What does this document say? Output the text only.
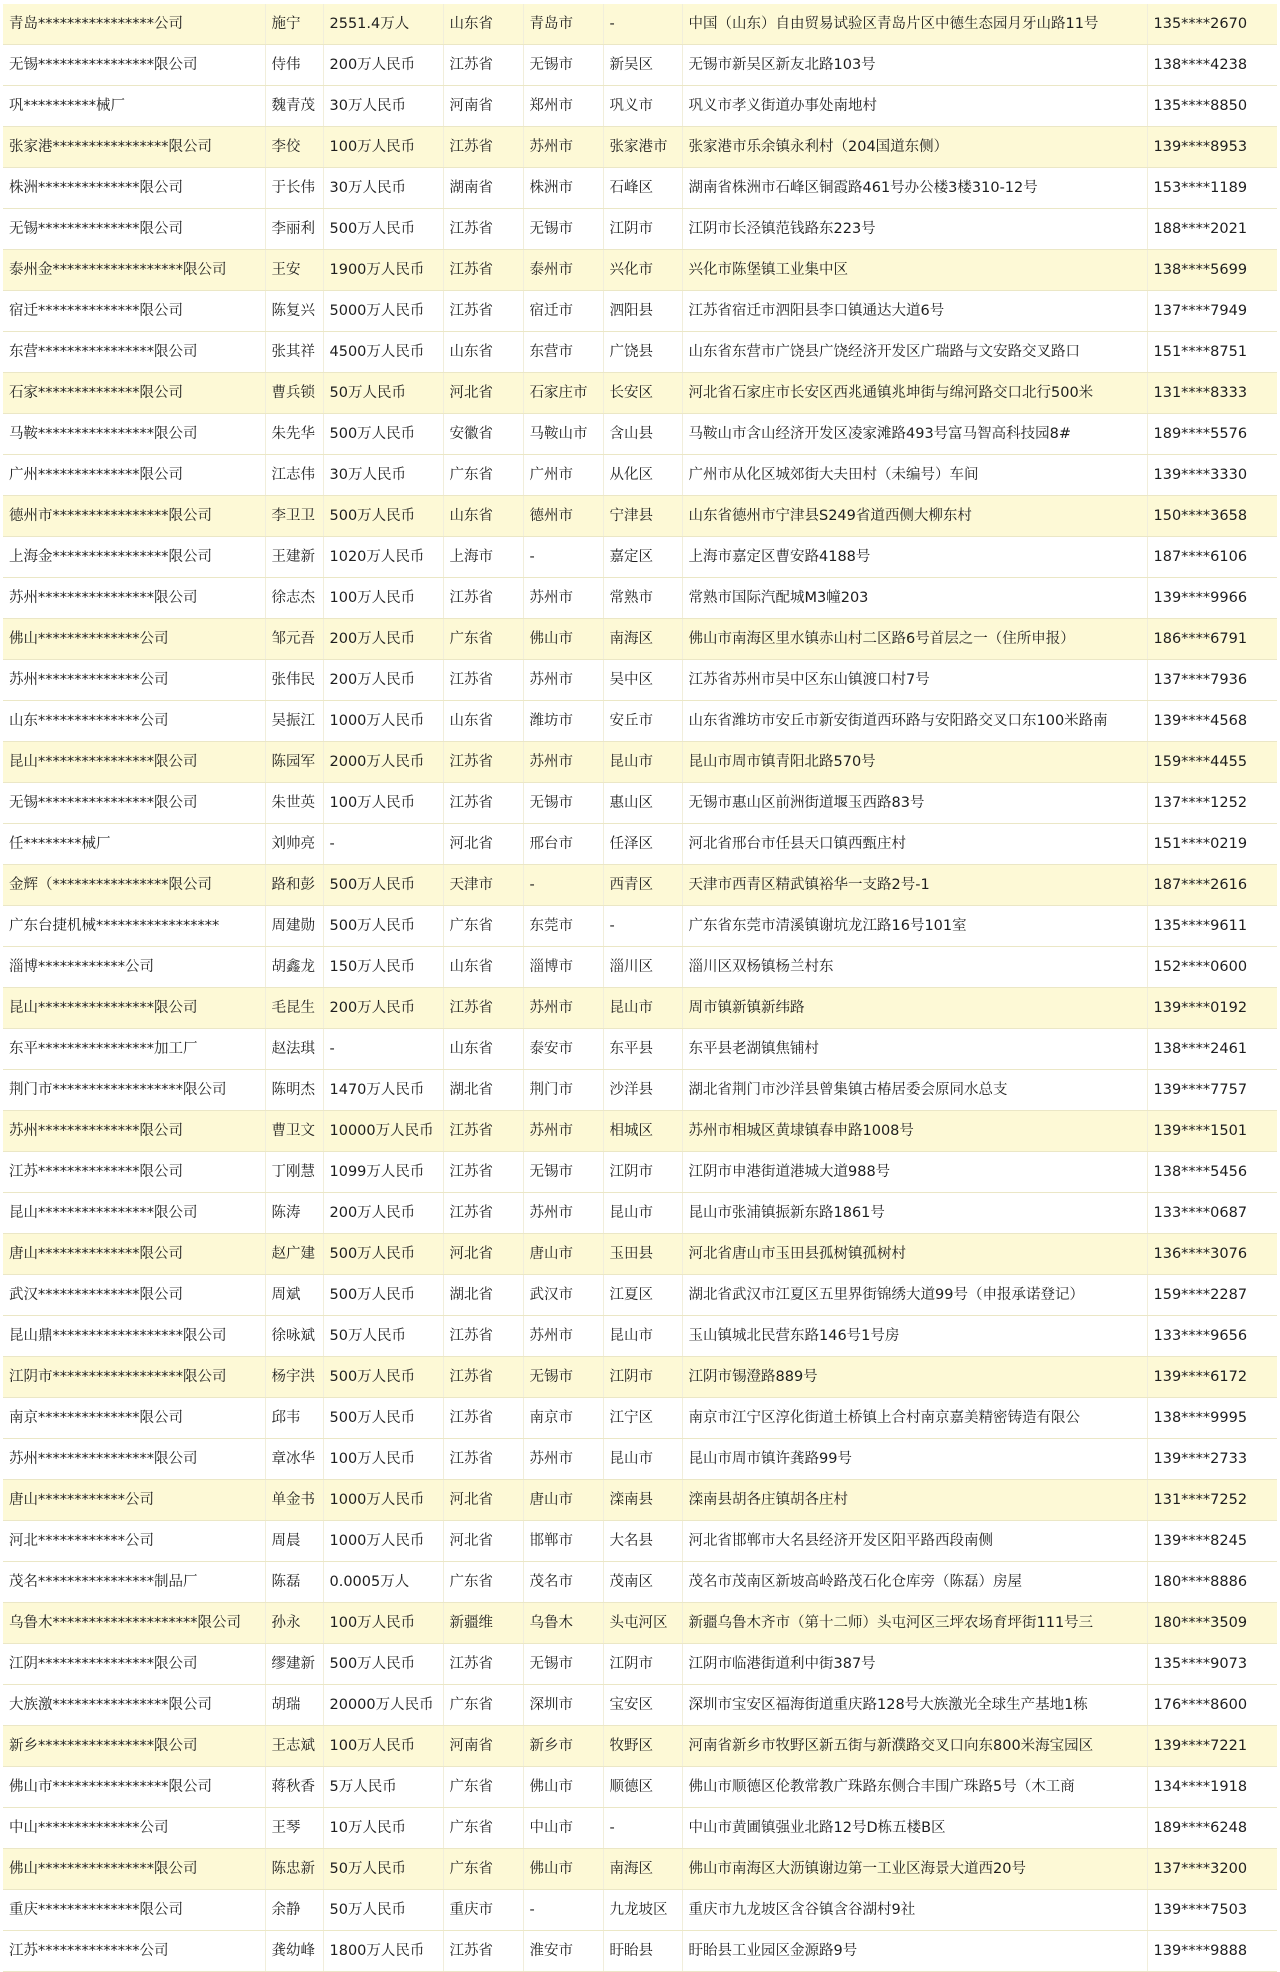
青岛****************公司	施宁	2551.4万人	山东省	青岛市	-	中国（山东）自由贸易试验区青岛片区中德生态园月牙山路11号	135****2670
无锡****************限公司	侍伟	200万人民币	江苏省	无锡市	新吴区	无锡市新吴区新友北路103号	138****4238
巩**********械厂	魏青茂	30万人民币	河南省	郑州市	巩义市	巩义市孝义街道办事处南地村	135****8850
张家港****************限公司	李佼	100万人民币	江苏省	苏州市	张家港市	张家港市乐余镇永利村（204国道东侧）	139****8953
株洲**************限公司	于长伟	30万人民币	湖南省	株洲市	石峰区	湖南省株洲市石峰区铜霞路461号办公楼3楼310-12号	153****1189
无锡**************限公司	李丽利	500万人民币	江苏省	无锡市	江阴市	江阴市长泾镇范钱路东223号	188****2021
泰州金******************限公司	王安	1900万人民币	江苏省	泰州市	兴化市	兴化市陈堡镇工业集中区	138****5699
宿迁**************限公司	陈复兴	5000万人民币	江苏省	宿迁市	泗阳县	江苏省宿迁市泗阳县李口镇通达大道6号	137****7949
东营****************限公司	张其祥	4500万人民币	山东省	东营市	广饶县	山东省东营市广饶县广饶经济开发区广瑞路与文安路交叉路口	151****8751
石家**************限公司	曹兵锁	50万人民币	河北省	石家庄市	长安区	河北省石家庄市长安区西兆通镇兆坤街与绵河路交口北行500米	131****8333
马鞍****************限公司	朱先华	500万人民币	安徽省	马鞍山市	含山县	马鞍山市含山经济开发区凌家滩路493号富马智高科技园8#	189****5576
广州**************限公司	江志伟	30万人民币	广东省	广州市	从化区	广州市从化区城郊街大夫田村（未编号）车间	139****3330
德州市****************限公司	李卫卫	500万人民币	山东省	德州市	宁津县	山东省德州市宁津县S249省道西侧大柳东村	150****3658
上海金****************限公司	王建新	1020万人民币	上海市	-	嘉定区	上海市嘉定区曹安路4188号	187****6106
苏州****************限公司	徐志杰	100万人民币	江苏省	苏州市	常熟市	常熟市国际汽配城M3幢203	139****9966
佛山**************公司	邹元吾	200万人民币	广东省	佛山市	南海区	佛山市南海区里水镇赤山村二区路6号首层之一（住所申报）	186****6791
苏州**************公司	张伟民	200万人民币	江苏省	苏州市	吴中区	江苏省苏州市吴中区东山镇渡口村7号	137****7936
山东**************公司	吴振江	1000万人民币	山东省	潍坊市	安丘市	山东省潍坊市安丘市新安街道西环路与安阳路交叉口东100米路南	139****4568
昆山****************限公司	陈园军	2000万人民币	江苏省	苏州市	昆山市	昆山市周市镇青阳北路570号	159****4455
无锡****************限公司	朱世英	100万人民币	江苏省	无锡市	惠山区	无锡市惠山区前洲街道堰玉西路83号	137****1252
任********械厂	刘帅亮	-	河北省	邢台市	任泽区	河北省邢台市任县天口镇西甄庄村	151****0219
金辉（****************限公司	路和彭	500万人民币	天津市	-	西青区	天津市西青区精武镇裕华一支路2号-1	187****2616
广东台捷机械*****************	周建勋	500万人民币	广东省	东莞市	-	广东省东莞市清溪镇谢坑龙江路16号101室	135****9611
淄博************公司	胡鑫龙	150万人民币	山东省	淄博市	淄川区	淄川区双杨镇杨兰村东	152****0600
昆山****************限公司	毛昆生	200万人民币	江苏省	苏州市	昆山市	周市镇新镇新纬路	139****0192
东平****************加工厂	赵法琪	-	山东省	泰安市	东平县	东平县老湖镇焦铺村	138****2461
荆门市******************限公司	陈明杰	1470万人民币	湖北省	荆门市	沙洋县	湖北省荆门市沙洋县曾集镇古椿居委会原同水总支	139****7757
苏州**************限公司	曹卫文	10000万人民币	江苏省	苏州市	相城区	苏州市相城区黄埭镇春申路1008号	139****1501
江苏**************限公司	丁刚慧	1099万人民币	江苏省	无锡市	江阴市	江阴市申港街道港城大道988号	138****5456
昆山****************限公司	陈涛	200万人民币	江苏省	苏州市	昆山市	昆山市张浦镇振新东路1861号	133****0687
唐山**************限公司	赵广建	500万人民币	河北省	唐山市	玉田县	河北省唐山市玉田县孤树镇孤树村	136****3076
武汉**************限公司	周斌	500万人民币	湖北省	武汉市	江夏区	湖北省武汉市江夏区五里界街锦绣大道99号（申报承诺登记）	159****2287
昆山鼎******************限公司	徐咏斌	50万人民币	江苏省	苏州市	昆山市	玉山镇城北民营东路146号1号房	133****9656
江阴市******************限公司	杨宇洪	500万人民币	江苏省	无锡市	江阴市	江阴市锡澄路889号	139****6172
南京**************限公司	邱韦	500万人民币	江苏省	南京市	江宁区	南京市江宁区淳化街道土桥镇上合村南京嘉美精密铸造有限公	138****9995
苏州****************限公司	章冰华	100万人民币	江苏省	苏州市	昆山市	昆山市周市镇许龚路99号	139****2733
唐山************公司	单金书	1000万人民币	河北省	唐山市	滦南县	滦南县胡各庄镇胡各庄村	131****7252
河北************公司	周晨	1000万人民币	河北省	邯郸市	大名县	河北省邯郸市大名县经济开发区阳平路西段南侧	139****8245
茂名****************制品厂	陈磊	0.0005万人	广东省	茂名市	茂南区	茂名市茂南区新坡高岭路茂石化仓库旁（陈磊）房屋	180****8886
乌鲁木********************限公司	孙永	100万人民币	新疆维	乌鲁木	头屯河区	新疆乌鲁木齐市（第十二师）头屯河区三坪农场育坪街111号三	180****3509
江阴****************限公司	缪建新	500万人民币	江苏省	无锡市	江阴市	江阴市临港街道利中街387号	135****9073
大族激****************限公司	胡瑞	20000万人民币	广东省	深圳市	宝安区	深圳市宝安区福海街道重庆路128号大族激光全球生产基地1栋	176****8600
新乡****************限公司	王志斌	100万人民币	河南省	新乡市	牧野区	河南省新乡市牧野区新五街与新濮路交叉口向东800米海宝园区	139****7221
佛山市****************限公司	蒋秋香	5万人民币	广东省	佛山市	顺德区	佛山市顺德区伦教常教广珠路东侧合丰围广珠路5号（木工商	134****1918
中山**************公司	王琴	10万人民币	广东省	中山市	-	中山市黄圃镇强业北路12号D栋五楼B区	189****6248
佛山****************限公司	陈忠新	50万人民币	广东省	佛山市	南海区	佛山市南海区大沥镇谢边第一工业区海景大道西20号	137****3200
重庆**************限公司	余静	50万人民币	重庆市	-	九龙坡区	重庆市九龙坡区含谷镇含谷湖村9社	139****7503
江苏**************公司	龚幼峰	1800万人民币	江苏省	淮安市	盱眙县	盱眙县工业园区金源路9号	139****9888
